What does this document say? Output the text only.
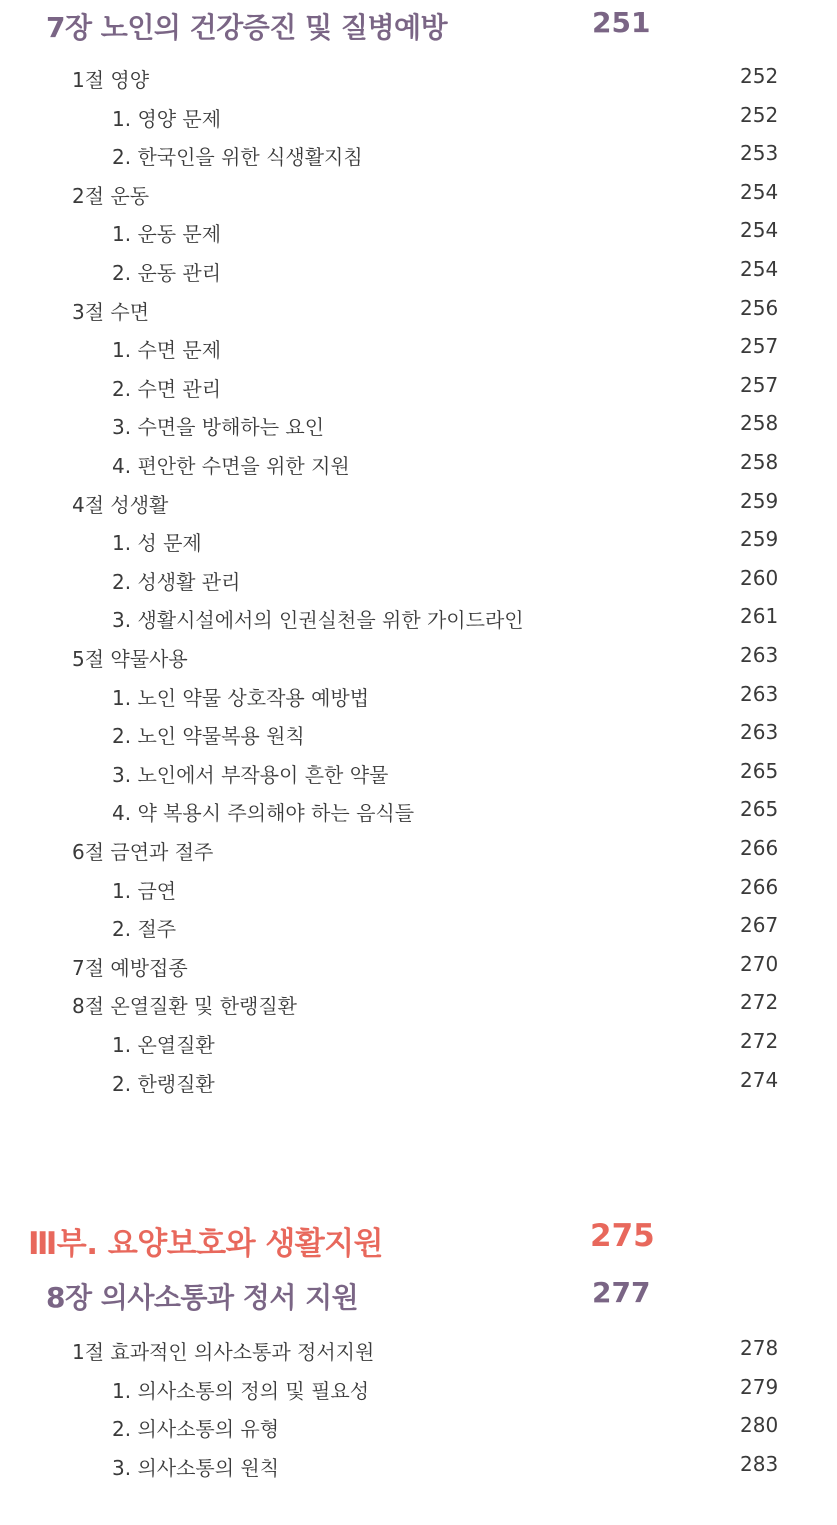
7장 노인의 건강증진 및 질병예방	251
1절 영양	252
1. 영양 문제	252
2. 한국인을 위한 식생활지침	253
2절 운동	254
1. 운동 문제	254
2. 운동 관리	254
3절 수면	256
1. 수면 문제	257
2. 수면 관리	257
3. 수면을 방해하는 요인	258
4. 편안한 수면을 위한 지원	258
4절 성생활	259
1. 성 문제	259
2. 성생활 관리	260
3. 생활시설에서의 인권실천을 위한 가이드라인	261
5절 약물사용	263
1. 노인 약물 상호작용 예방법	263
2. 노인 약물복용 원칙	263
3. 노인에서 부작용이 흔한 약물	265
4. 약 복용시 주의해야 하는 음식들	265
6절 금연과 절주	266
1. 금연	266
2. 절주	267
7절 예방접종	270
8절 온열질환 및 한랭질환	272
1. 온열질환	272
2. 한랭질환	274
Ⅲ부. 요양보호와 생활지원	275
8장 의사소통과 정서 지원	277
1절 효과적인 의사소통과 정서지원	278
1. 의사소통의 정의 및 필요성	279
2. 의사소통의 유형	280
3. 의사소통의 원칙	283
